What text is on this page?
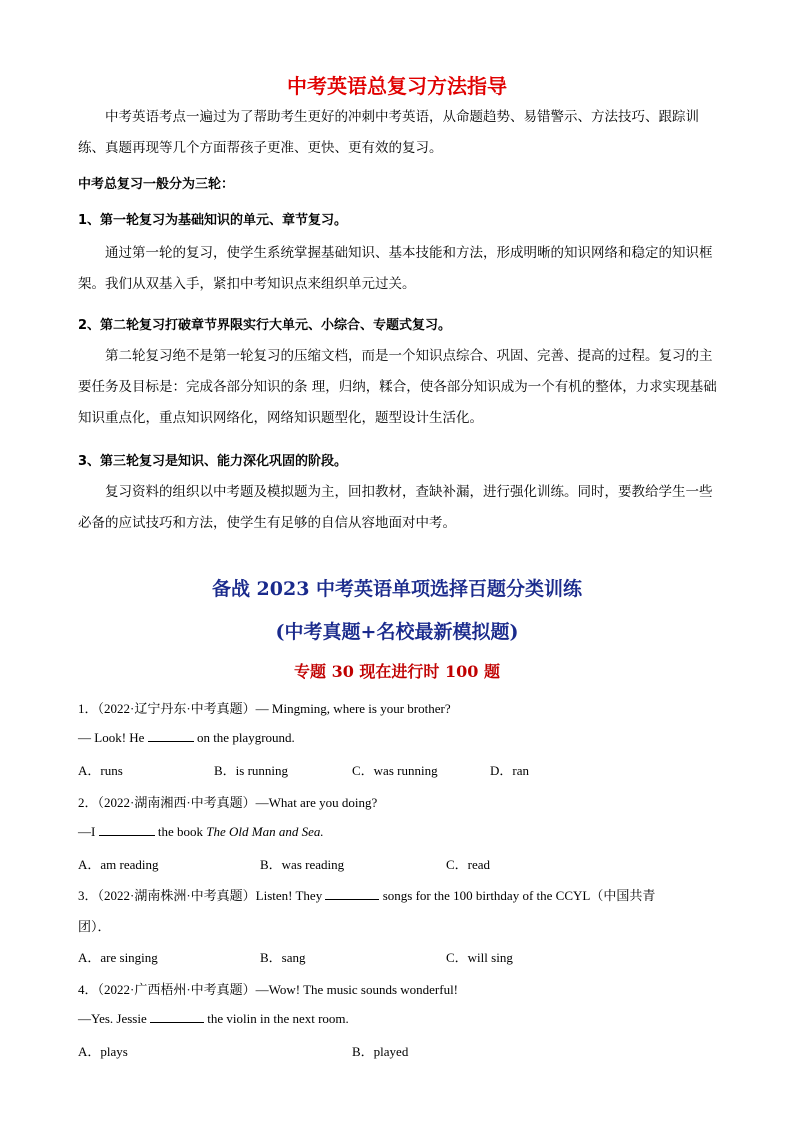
中考英语总复习方法指导
中考英语考点一遍过为了帮助考生更好的冲刺中考英语，从命题趋势、易错警示、方法技巧、跟踪训练、真题再现等几个方面帮孩子更准、更快、更有效的复习。
中考总复习一般分为三轮：
1、第一轮复习为基础知识的单元、章节复习。
通过第一轮的复习，使学生系统掌握基础知识、基本技能和方法，形成明晰的知识网络和稳定的知识框架。我们从双基入手，紧扣中考知识点来组织单元过关。
2、第二轮复习打破章节界限实行大单元、小综合、专题式复习。
第二轮复习绝不是第一轮复习的压缩文档，而是一个知识点综合、巩固、完善、提高的过程。复习的主要任务及目标是：完成各部分知识的条 理，归纳，糅合，使各部分知识成为一个有机的整体，力求实现基础知识重点化，重点知识网络化，网络知识题型化，题型设计生活化。
3、第三轮复习是知识、能力深化巩固的阶段。
复习资料的组织以中考题及模拟题为主，回扣教材，查缺补漏，进行强化训练。同时，要教给学生一些必备的应试技巧和方法，使学生有足够的自信从容地面对中考。
备战 2023 中考英语单项选择百题分类训练
(中考真题+名校最新模拟题)
专题 30 现在进行时 100 题
1．（2022·辽宁丹东·中考真题）— Mingming, where is your brother?
— Look! He	on the playground.
A．runs	B．is running	C．was running	D．ran
2．（2022·湖南湘西·中考真题）—What are you doing?
—I	the book The Old Man and Sea.
A．am reading	B．was reading	C．read
3．（2022·湖南株洲·中考真题）Listen! They	songs for the 100 birthday of the CCYL（中国共青
团）．
A．are singing	B．sang	C．will sing
4．（2022·广西梧州·中考真题）—Wow! The music sounds wonderful!
—Yes. Jessie	the violin in the next room.
A．plays	B．played
